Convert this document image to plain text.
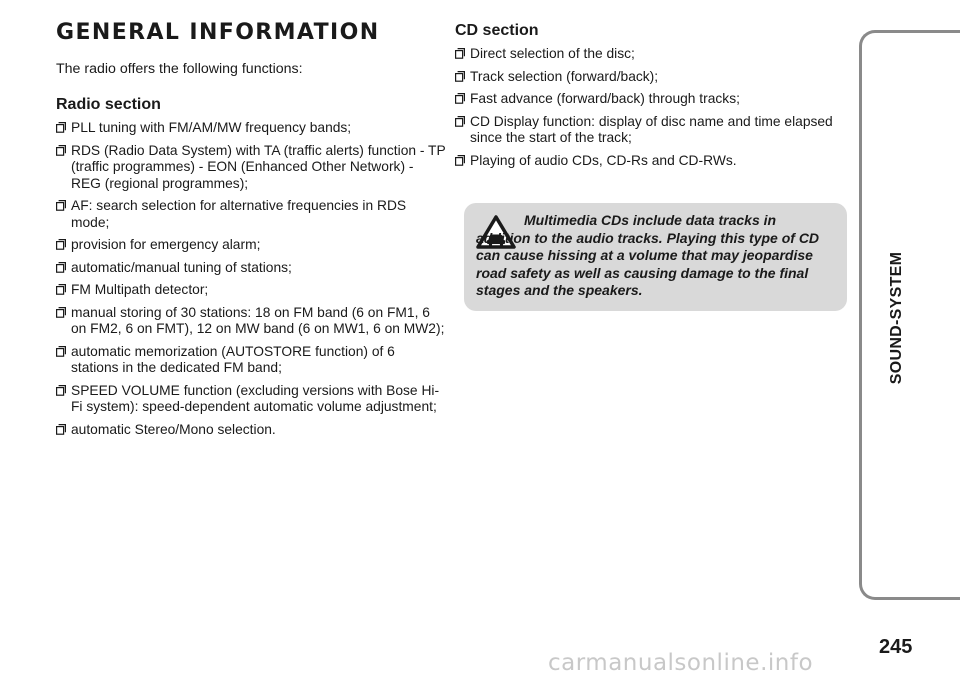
GENERAL INFORMATION

The radio offers the following functions:

Radio section
PLL tuning with FM/AM/MW frequency bands;
RDS (Radio Data System) with TA (traffic alerts) function - TP (traffic programmes) - EON (Enhanced Other Network) - REG (regional programmes);
AF: search selection for alternative frequencies in RDS mode;
provision for emergency alarm;
automatic/manual tuning of stations;
FM Multipath detector;
manual storing of 30 stations: 18 on FM band (6 on FM1, 6 on FM2, 6 on FMT), 12 on MW band (6 on MW1, 6 on MW2);
automatic memorization (AUTOSTORE function) of 6 stations in the dedicated FM band;
SPEED VOLUME function (excluding versions with Bose Hi-Fi system): speed-dependent automatic volume adjustment;
automatic Stereo/Mono selection.
CD section
Direct selection of the disc;
Track selection (forward/back);
Fast advance (forward/back) through tracks;
CD Display function: display of disc name and time elapsed since the start of the track;
Playing of audio CDs, CD-Rs and CD-RWs.
Multimedia CDs include data tracks in addition to the audio tracks. Playing this type of CD can cause hissing at a volume that may jeopardise road safety as well as causing damage to the final stages and the speakers.	SOUND-SYSTEM
245
carmanualsonline.info
